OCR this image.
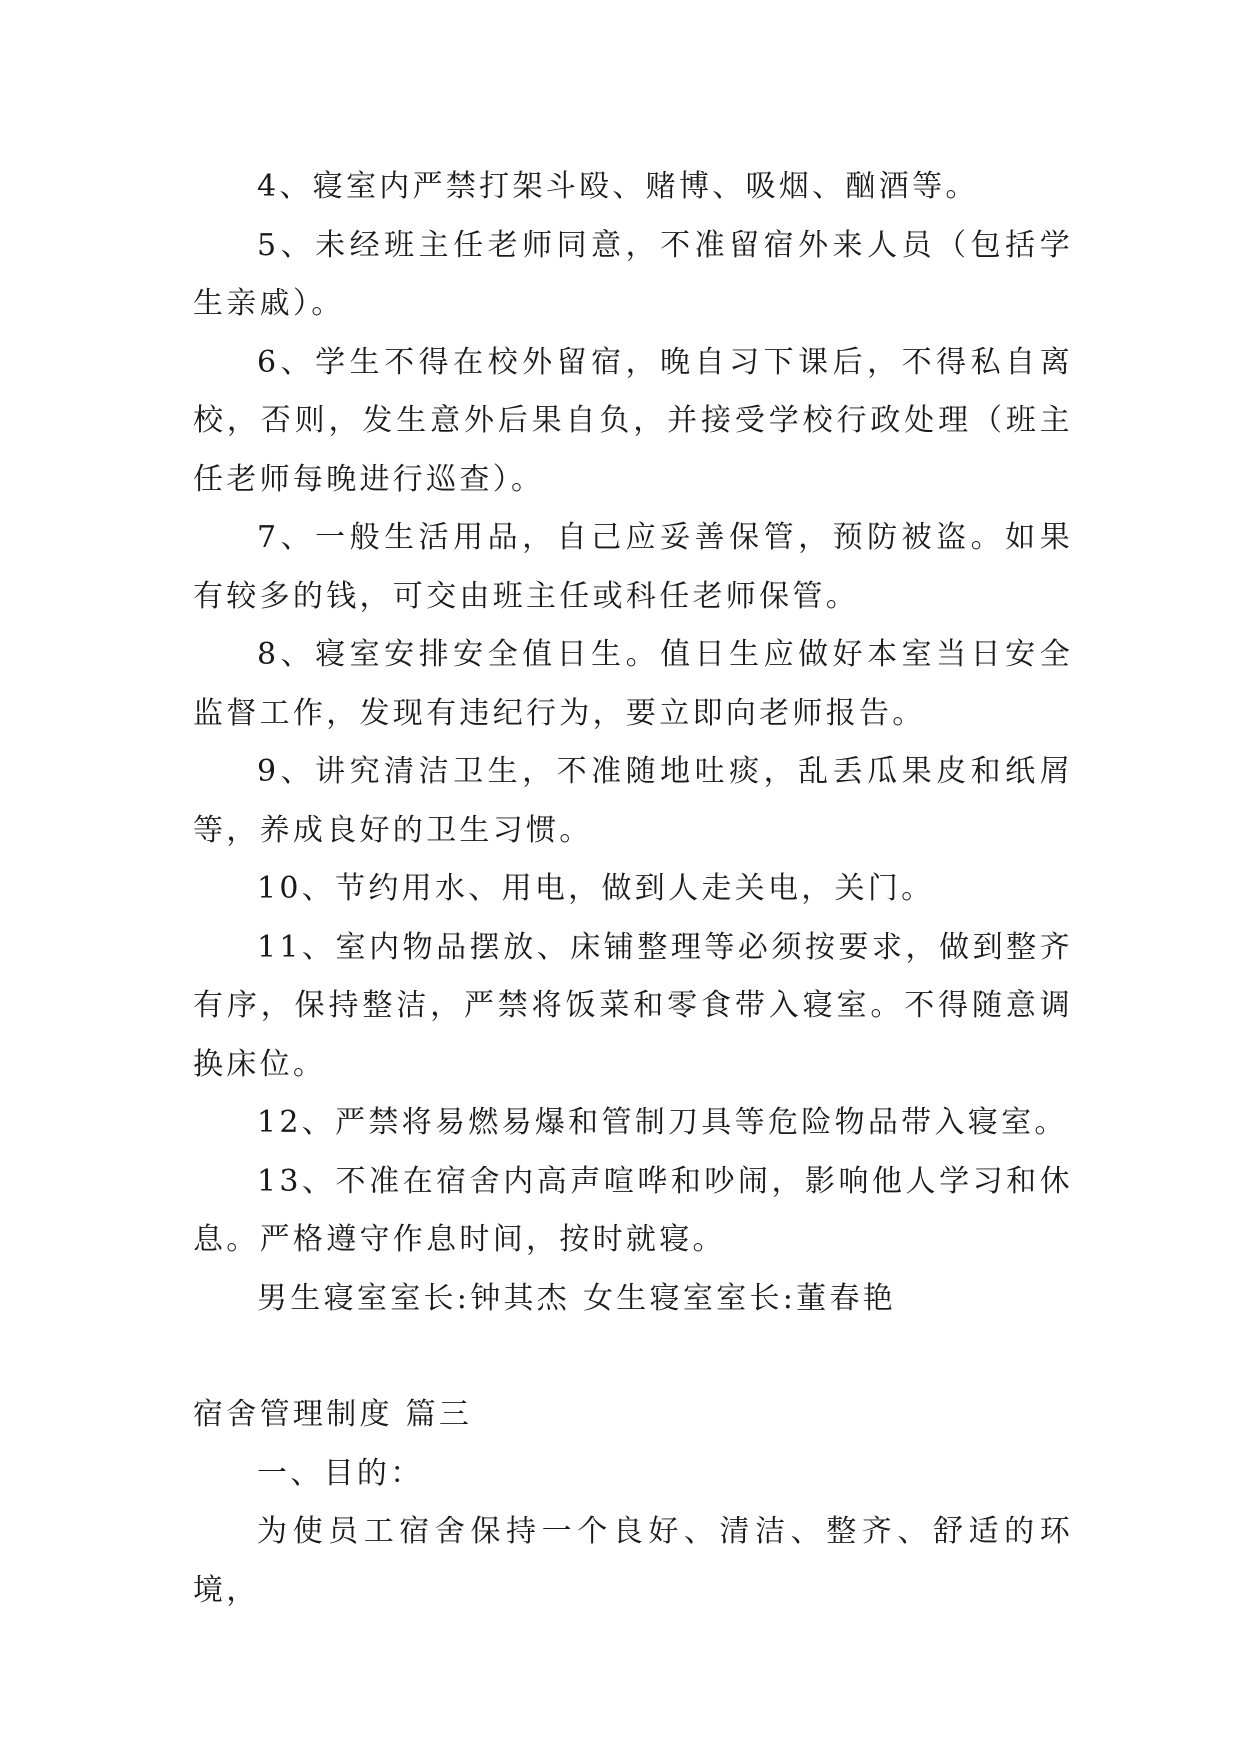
4、寝室内严禁打架斗殴、赌博、吸烟、酗酒等。

5、未经班主任老师同意，不准留宿外来人员（包括学生亲戚）。

6、学生不得在校外留宿，晚自习下课后，不得私自离校，否则，发生意外后果自负，并接受学校行政处理（班主任老师每晚进行巡查）。

7、一般生活用品，自己应妥善保管，预防被盗。如果有较多的钱，可交由班主任或科任老师保管。

8、寝室安排安全值日生。值日生应做好本室当日安全监督工作，发现有违纪行为，要立即向老师报告。

9、讲究清洁卫生，不准随地吐痰，乱丢瓜果皮和纸屑等，养成良好的卫生习惯。

10、节约用水、用电，做到人走关电，关门。

11、室内物品摆放、床铺整理等必须按要求，做到整齐有序，保持整洁，严禁将饭菜和零食带入寝室。不得随意调换床位。

12、严禁将易燃易爆和管制刀具等危险物品带入寝室。

13、不准在宿舍内高声喧哗和吵闹，影响他人学习和休息。严格遵守作息时间，按时就寝。

男生寝室室长:钟其杰 女生寝室室长:董春艳

宿舍管理制度 篇三

一、目的：

为使员工宿舍保持一个良好、清洁、整齐、舒适的环境，
